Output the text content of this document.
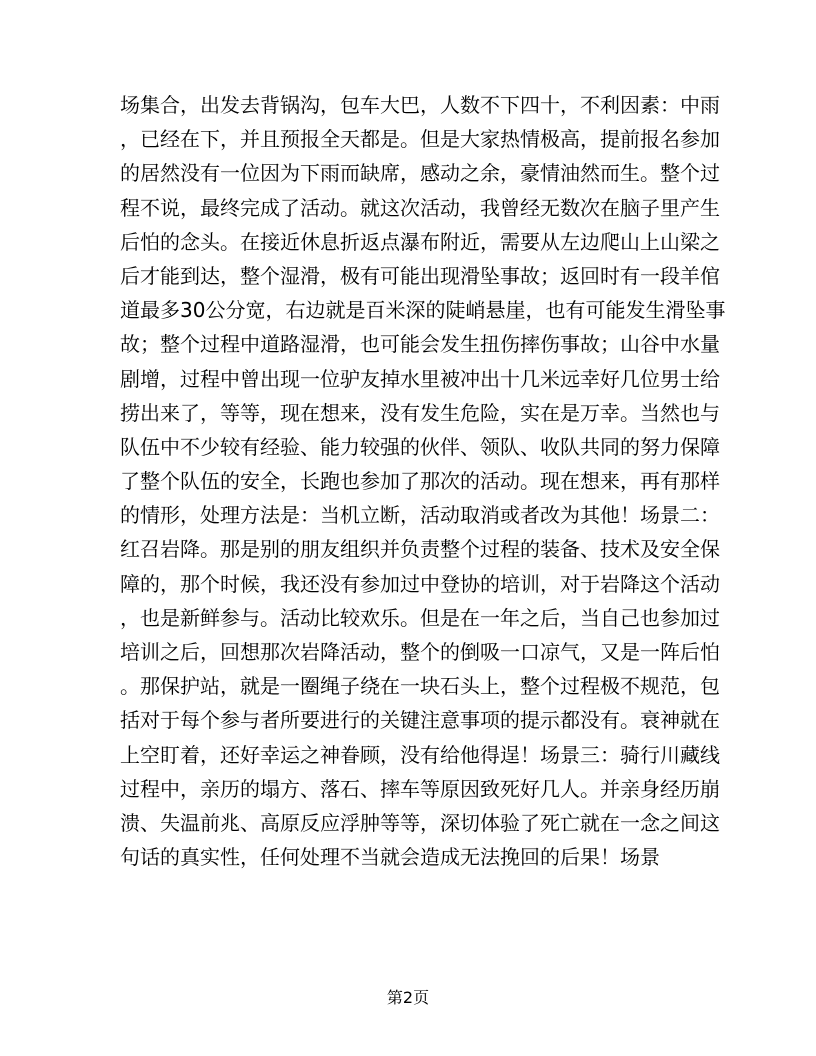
场集合，出发去背锅沟，包车大巴，人数不下四十，不利因素：中雨
，已经在下，并且预报全天都是。但是大家热情极高，提前报名参加
的居然没有一位因为下雨而缺席，感动之余，豪情油然而生。整个过
程不说，最终完成了活动。就这次活动，我曾经无数次在脑子里产生
后怕的念头。在接近休息折返点瀑布附近，需要从左边爬山上山梁之
后才能到达，整个湿滑，极有可能出现滑坠事故；返回时有一段羊倌
道最多30公分宽，右边就是百米深的陡峭悬崖，也有可能发生滑坠事
故；整个过程中道路湿滑，也可能会发生扭伤摔伤事故；山谷中水量
剧增，过程中曾出现一位驴友掉水里被冲出十几米远幸好几位男士给
捞出来了，等等，现在想来，没有发生危险，实在是万幸。当然也与
队伍中不少较有经验、能力较强的伙伴、领队、收队共同的努力保障
了整个队伍的安全，长跑也参加了那次的活动。现在想来，再有那样
的情形，处理方法是：当机立断，活动取消或者改为其他！场景二：
红召岩降。那是别的朋友组织并负责整个过程的装备、技术及安全保
障的，那个时候，我还没有参加过中登协的培训，对于岩降这个活动
，也是新鲜参与。活动比较欢乐。但是在一年之后，当自己也参加过
培训之后，回想那次岩降活动，整个的倒吸一口凉气，又是一阵后怕
。那保护站，就是一圈绳子绕在一块石头上，整个过程极不规范，包
括对于每个参与者所要进行的关键注意事项的提示都没有。衰神就在
上空盯着，还好幸运之神眷顾，没有给他得逞！场景三：骑行川藏线
过程中，亲历的塌方、落石、摔车等原因致死好几人。并亲身经历崩
溃、失温前兆、高原反应浮肿等等，深切体验了死亡就在一念之间这
句话的真实性，任何处理不当就会造成无法挽回的后果！场景
第2页
